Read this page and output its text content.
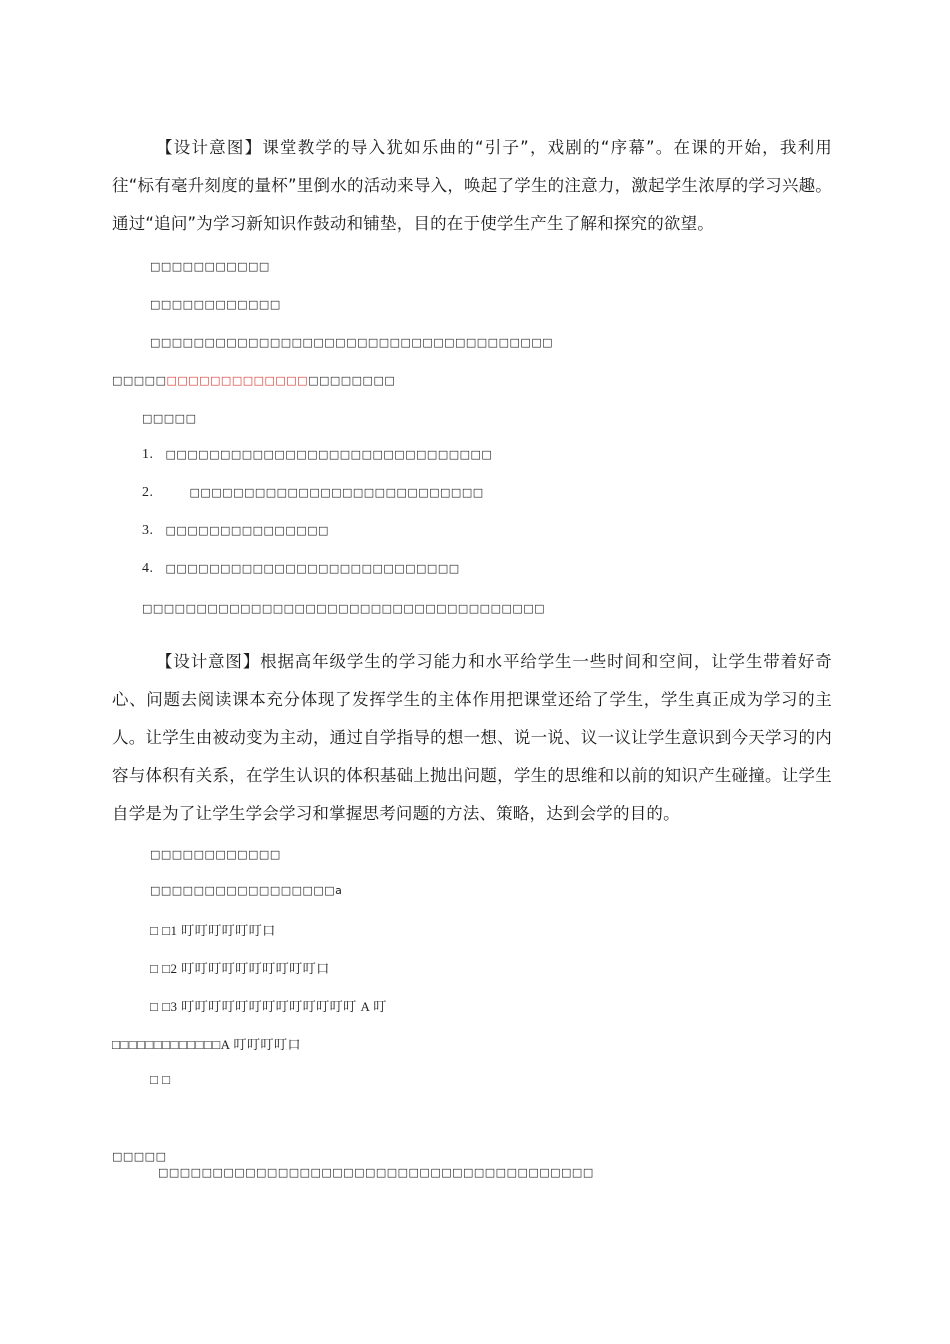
【设计意图】课堂教学的导入犹如乐曲的“引子”，戏剧的“序幕”。在课的开始，我利用往“标有毫升刻度的量杯”里倒水的活动来导入，唤起了学生的注意力，激起学生浓厚的学习兴趣。通过“追问”为学习新知识作鼓动和铺垫，目的在于使学生产生了解和探究的欲望。

□□□□□□□□□□□
□□□□□□□□□□□□
□□□□□□□□□□□□□□□□□□□□□□□□□□□□□□□□□□□□□
□□□□□□□□□□□□□□□□□□□□□□□□□□
□□□□□
1. □□□□□□□□□□□□□□□□□□□□□□□□□□□□□□
2.	□□□□□□□□□□□□□□□□□□□□□□□□□□□
3. □□□□□□□□□□□□□□□
4. □□□□□□□□□□□□□□□□□□□□□□□□□□□
□□□□□□□□□□□□□□□□□□□□□□□□□□□□□□□□□□□□□

【设计意图】根据高年级学生的学习能力和水平给学生一些时间和空间，让学生带着好奇心、问题去阅读课本充分体现了发挥学生的主体作用把课堂还给了学生，学生真正成为学习的主人。让学生由被动变为主动，通过自学指导的想一想、说一说、议一议让学生意识到今天学习的内容与体积有关系，在学生认识的体积基础上抛出问题，学生的思维和以前的知识产生碰撞。让学生自学是为了让学生学会学习和掌握思考问题的方法、策略，达到会学的目的。

□□□□□□□□□□□□
□□□□□□□□□□□□□□□□□a
□ □1 叮叮叮叮叮叮口
□ □2 叮叮叮叮叮叮叮叮叮叮口
□ □3 叮叮叮叮叮叮叮叮叮叮叮叮叮 A 叮
□□□□□□□□□□□□□A 叮叮叮叮口
□ □
□□□□□
□□□□□□□□□□□□□□□□□□□□□□□□□□□□□□□□□□□□□□□□
